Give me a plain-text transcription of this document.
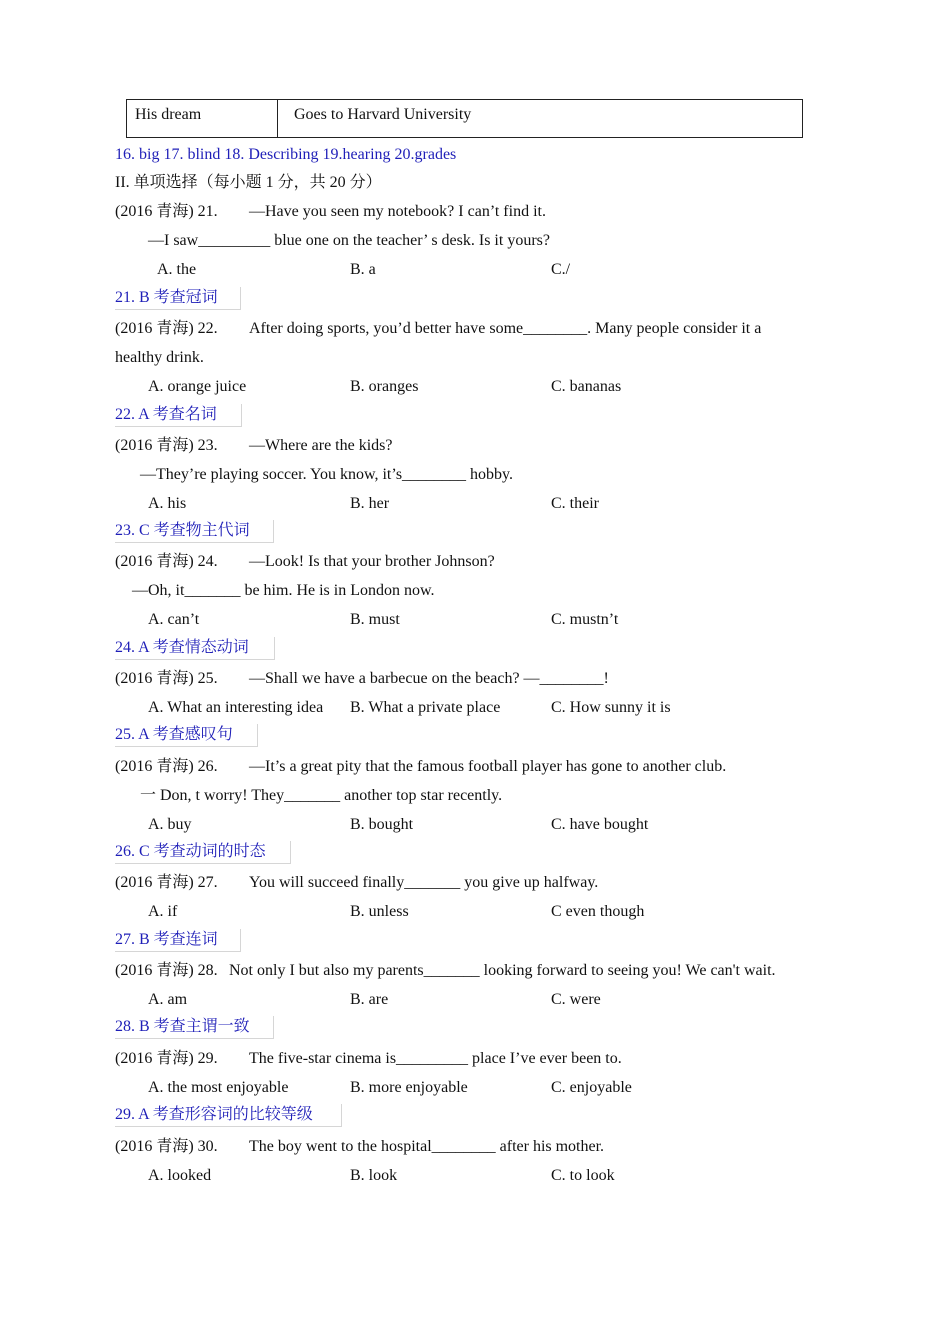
His dream	Goes to Harvard University
16. big 17. blind 18. Describing 19.hearing 20.grades
II. 单项选择（每小题 1 分，共 20 分）
(2016 青海) 21. —Have you seen my notebook? I can’t find it.
—I saw_________ blue one on the teacher’ s desk. Is it yours?
A. the	B. a	C./
21. B 考查冠词
(2016 青海) 22. After doing sports, you’d better have some________. Many people consider it a
healthy drink.
A. orange juice	B. oranges	C. bananas
22. A 考查名词
(2016 青海) 23. —Where are the kids?
—They’re playing soccer. You know, it’s________ hobby.
A. his	B. her	C. their
23. C 考查物主代词
(2016 青海) 24. —Look! Is that your brother Johnson?
—Oh, it_______ be him. He is in London now.
A. can’t	B. must	C. mustn’t
24. A 考查情态动词
(2016 青海) 25. —Shall we have a barbecue on the beach? —________!
A. What an interesting idea B. What a private place	C. How sunny it is
25. A 考查感叹句
(2016 青海) 26. —It’s a great pity that the famous football player has gone to another club.
一 Don, t worry! They_______ another top star recently.
A. buy	B. bought	C. have bought
26. C 考查动词的时态
(2016 青海) 27. You will succeed finally_______ you give up halfway.
A. if	B. unless	C even though
27. B 考查连词
(2016 青海) 28. Not only I but also my parents_______ looking forward to seeing you! We can't wait.
A. am	B. are	C. were
28. B 考查主谓一致
(2016 青海) 29. The five-star cinema is_________ place I’ve ever been to.
A. the most enjoyable	B. more enjoyable	C. enjoyable
29. A 考查形容词的比较等级
(2016 青海) 30. The boy went to the hospital________ after his mother.
A. looked	B. look	C. to look
